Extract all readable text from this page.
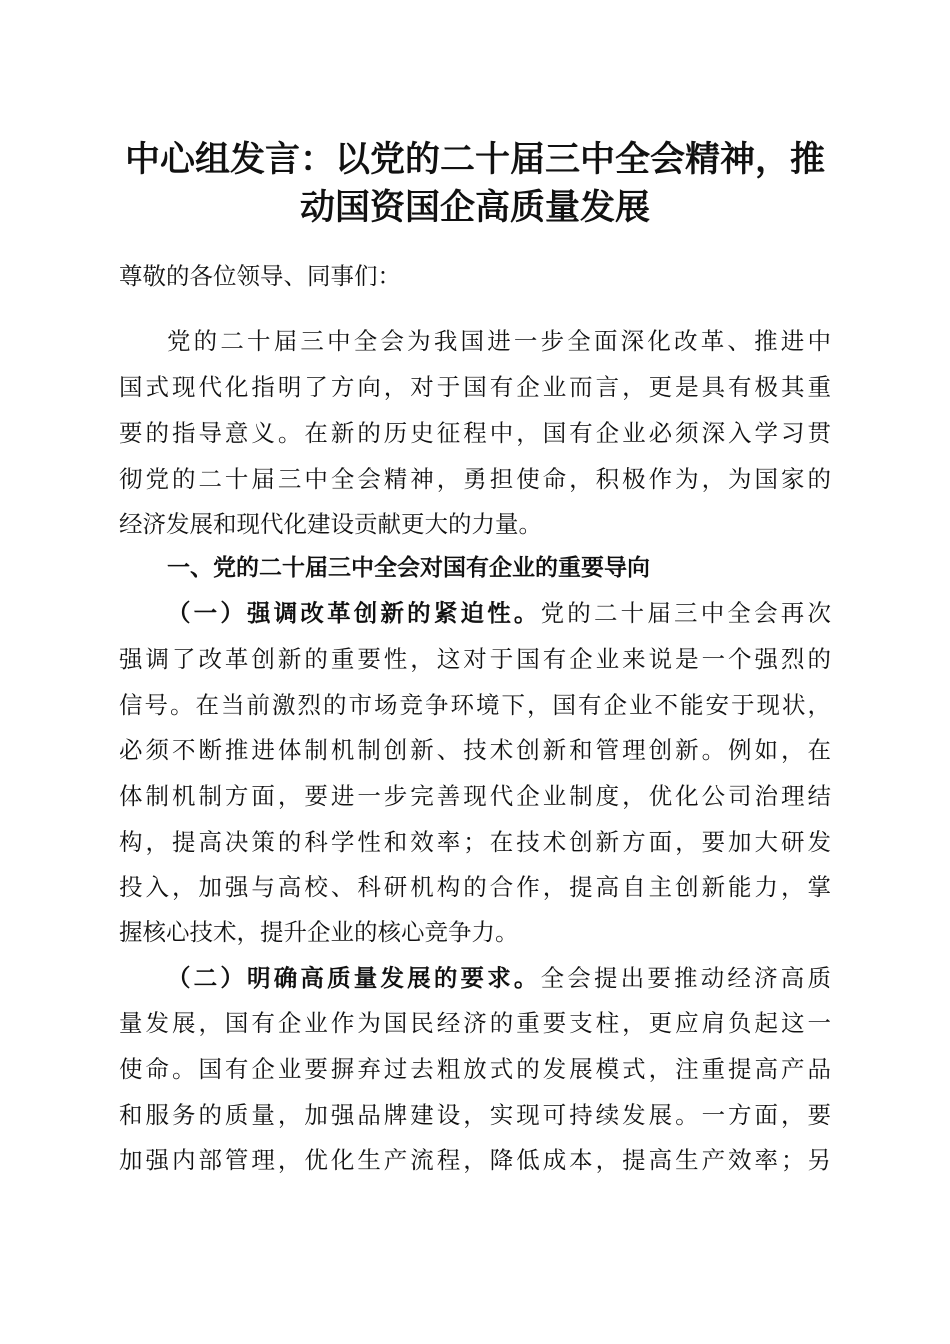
中心组发言：以党的二十届三中全会精神，推
动国资国企高质量发展
尊敬的各位领导、同事们：
党的二十届三中全会为我国进一步全面深化改革、推进中
国式现代化指明了方向，对于国有企业而言，更是具有极其重
要的指导意义。在新的历史征程中，国有企业必须深入学习贯
彻党的二十届三中全会精神，勇担使命，积极作为，为国家的
经济发展和现代化建设贡献更大的力量。
一、党的二十届三中全会对国有企业的重要导向
（一）强调改革创新的紧迫性。党的二十届三中全会再次
强调了改革创新的重要性，这对于国有企业来说是一个强烈的
信号。在当前激烈的市场竞争环境下，国有企业不能安于现状，
必须不断推进体制机制创新、技术创新和管理创新。例如，在
体制机制方面，要进一步完善现代企业制度，优化公司治理结
构，提高决策的科学性和效率；在技术创新方面，要加大研发
投入，加强与高校、科研机构的合作，提高自主创新能力，掌
握核心技术，提升企业的核心竞争力。
（二）明确高质量发展的要求。全会提出要推动经济高质
量发展，国有企业作为国民经济的重要支柱，更应肩负起这一
使命。国有企业要摒弃过去粗放式的发展模式，注重提高产品
和服务的质量，加强品牌建设，实现可持续发展。一方面，要
加强内部管理，优化生产流程，降低成本，提高生产效率；另
